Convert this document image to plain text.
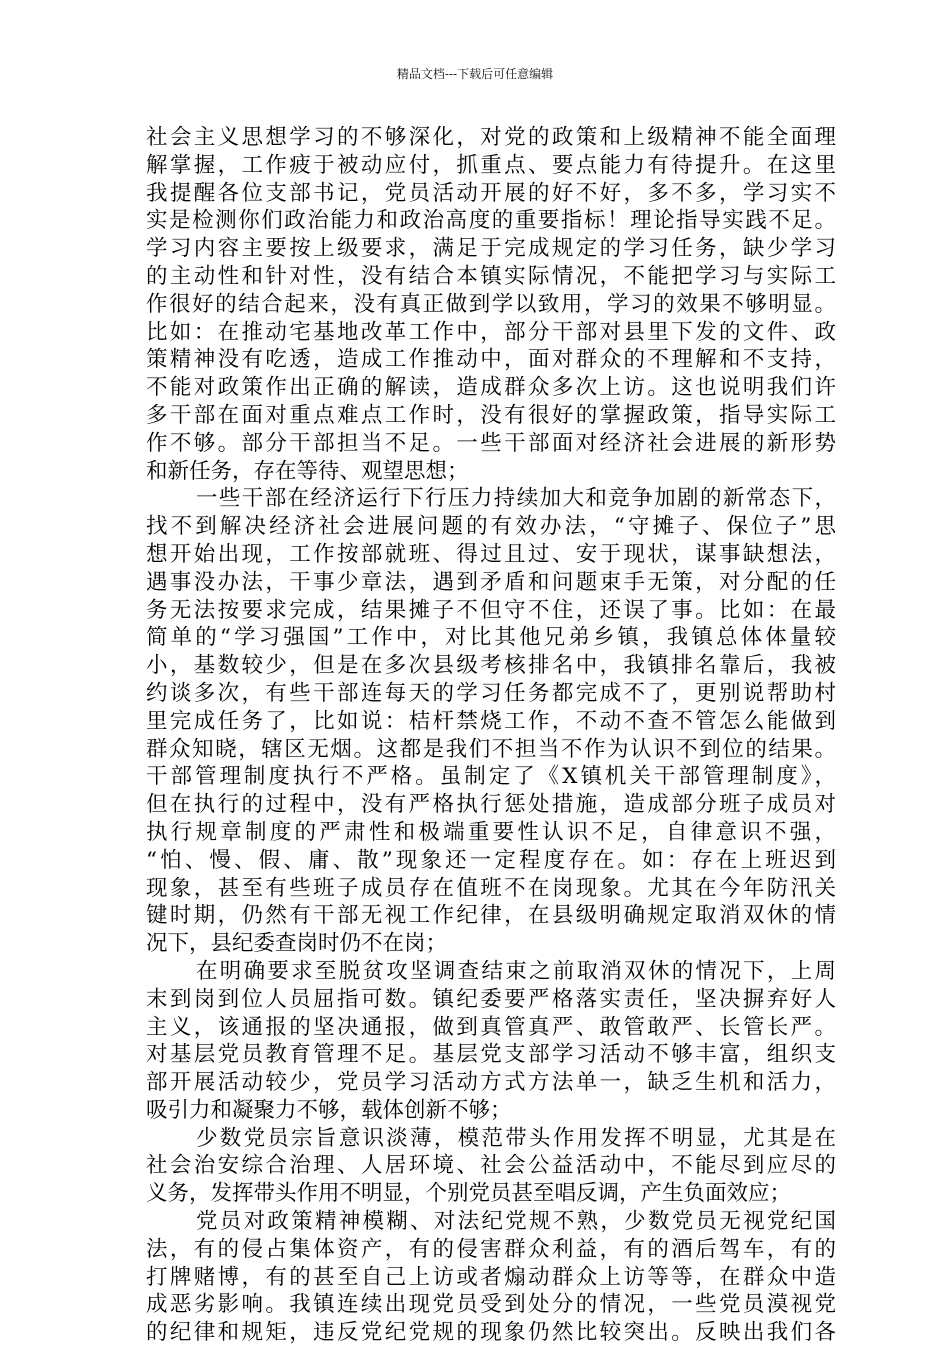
精品文档---下载后可任意编辑
社会主义思想学习的不够深化，对党的政策和上级精神不能全面理
解掌握，工作疲于被动应付，抓重点、要点能力有待提升。在这里
我提醒各位支部书记，党员活动开展的好不好，多不多，学习实不
实是检测你们政治能力和政治高度的重要指标！理论指导实践不足。
学习内容主要按上级要求，满足于完成规定的学习任务，缺少学习
的主动性和针对性，没有结合本镇实际情况，不能把学习与实际工
作很好的结合起来，没有真正做到学以致用，学习的效果不够明显。
比如：在推动宅基地改革工作中，部分干部对县里下发的文件、政
策精神没有吃透，造成工作推动中，面对群众的不理解和不支持，
不能对政策作出正确的解读，造成群众多次上访。这也说明我们许
多干部在面对重点难点工作时，没有很好的掌握政策，指导实际工
作不够。部分干部担当不足。一些干部面对经济社会进展的新形势
和新任务，存在等待、观望思想；
一些干部在经济运行下行压力持续加大和竞争加剧的新常态下，
找不到解决经济社会进展问题的有效办法，“守摊子、保位子”思
想开始出现，工作按部就班、得过且过、安于现状，谋事缺想法，
遇事没办法，干事少章法，遇到矛盾和问题束手无策，对分配的任
务无法按要求完成，结果摊子不但守不住，还误了事。比如：在最
简单的“学习强国”工作中，对比其他兄弟乡镇，我镇总体体量较
小，基数较少，但是在多次县级考核排名中，我镇排名靠后，我被
约谈多次，有些干部连每天的学习任务都完成不了，更别说帮助村
里完成任务了，比如说：桔杆禁烧工作，不动不查不管怎么能做到
群众知晓，辖区无烟。这都是我们不担当不作为认识不到位的结果。
干部管理制度执行不严格。虽制定了《X镇机关干部管理制度》，
但在执行的过程中，没有严格执行惩处措施，造成部分班子成员对
执行规章制度的严肃性和极端重要性认识不足，自律意识不强，
“怕、慢、假、庸、散”现象还一定程度存在。如：存在上班迟到
现象，甚至有些班子成员存在值班不在岗现象。尤其在今年防汛关
键时期，仍然有干部无视工作纪律，在县级明确规定取消双休的情
况下，县纪委查岗时仍不在岗；
在明确要求至脱贫攻坚调查结束之前取消双休的情况下，上周
末到岗到位人员屈指可数。镇纪委要严格落实责任，坚决摒弃好人
主义，该通报的坚决通报，做到真管真严、敢管敢严、长管长严。
对基层党员教育管理不足。基层党支部学习活动不够丰富，组织支
部开展活动较少，党员学习活动方式方法单一，缺乏生机和活力，
吸引力和凝聚力不够，载体创新不够；
少数党员宗旨意识淡薄，模范带头作用发挥不明显，尤其是在
社会治安综合治理、人居环境、社会公益活动中，不能尽到应尽的
义务，发挥带头作用不明显，个别党员甚至唱反调，产生负面效应；
党员对政策精神模糊、对法纪党规不熟，少数党员无视党纪国
法，有的侵占集体资产，有的侵害群众利益，有的酒后驾车，有的
打牌赌博，有的甚至自己上访或者煽动群众上访等等，在群众中造
成恶劣影响。我镇连续出现党员受到处分的情况，一些党员漠视党
的纪律和规矩，违反党纪党规的现象仍然比较突出。反映出我们各
